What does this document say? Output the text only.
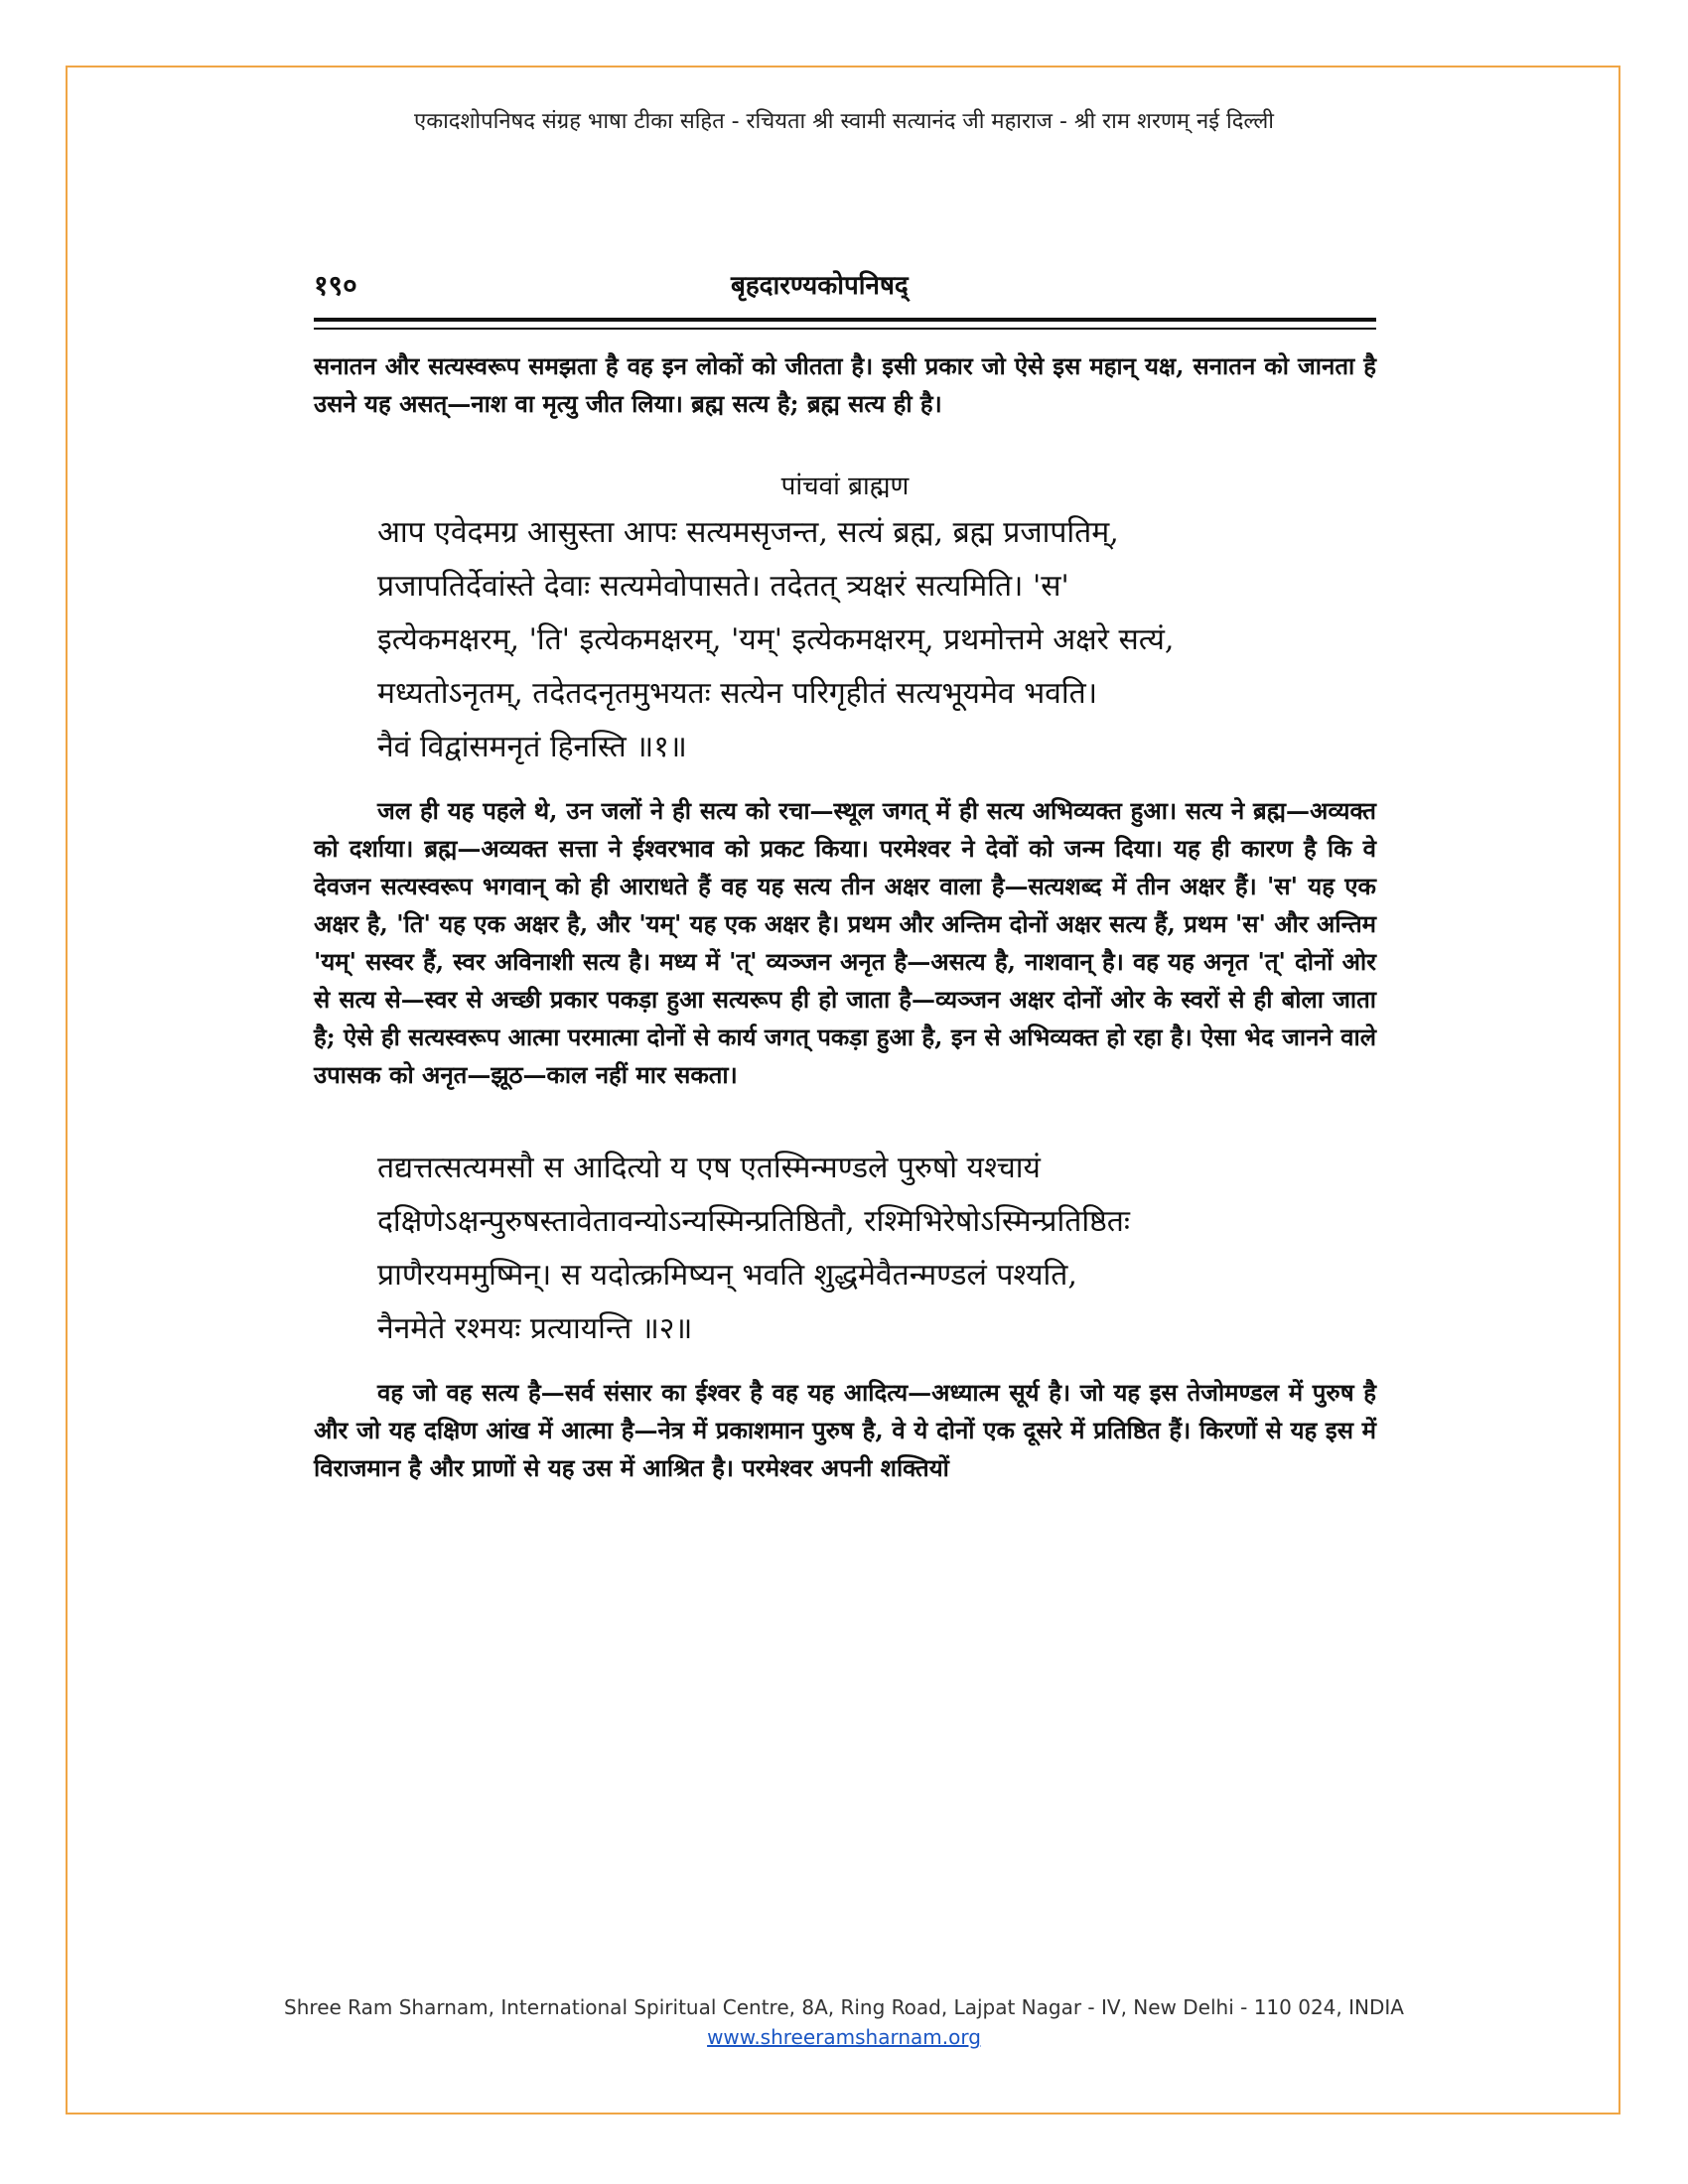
एकादशोपनिषद संग्रह भाषा टीका सहित - रचियता श्री स्वामी सत्यानंद जी महाराज - श्री राम शरणम् नई दिल्ली
१९०	बृहदारण्यकोपनिषद्

सनातन और सत्यस्वरूप समझता है वह इन लोकों को जीतता है। इसी प्रकार जो ऐसे इस महान् यक्ष, सनातन को जानता है उसने यह असत्—नाश वा मृत्यु जीत लिया। ब्रह्म सत्य है; ब्रह्म सत्य ही है।

पांचवां ब्राह्मण

आप एवेदमग्र आसुस्ता आपः सत्यमसृजन्त, सत्यं ब्रह्म, ब्रह्म प्रजापतिम्,
प्रजापतिर्देवांस्ते देवाः सत्यमेवोपासते। तदेतत् त्र्यक्षरं सत्यमिति। 'स'
इत्येकमक्षरम्, 'ति' इत्येकमक्षरम्, 'यम्' इत्येकमक्षरम्, प्रथमोत्तमे अक्षरे सत्यं,
मध्यतोऽनृतम्, तदेतदनृतमुभयतः सत्येन परिगृहीतं सत्यभूयमेव भवति।
नैवं विद्वांसमनृतं हिनस्ति ॥१॥

जल ही यह पहले थे, उन जलों ने ही सत्य को रचा—स्थूल जगत् में ही सत्य अभिव्यक्त हुआ। सत्य ने ब्रह्म—अव्यक्त को दर्शाया। ब्रह्म—अव्यक्त सत्ता ने ईश्वरभाव को प्रकट किया। परमेश्वर ने देवों को जन्म दिया। यह ही कारण है कि वे देवजन सत्यस्वरूप भगवान् को ही आराधते हैं वह यह सत्य तीन अक्षर वाला है—सत्यशब्द में तीन अक्षर हैं। 'स' यह एक अक्षर है, 'ति' यह एक अक्षर है, और 'यम्' यह एक अक्षर है। प्रथम और अन्तिम दोनों अक्षर सत्य हैं, प्रथम 'स' और अन्तिम 'यम्' सस्वर हैं, स्वर अविनाशी सत्य है। मध्य में 'त्' व्यञ्जन अनृत है—असत्य है, नाशवान् है। वह यह अनृत 'त्' दोनों ओर से सत्य से—स्वर से अच्छी प्रकार पकड़ा हुआ सत्यरूप ही हो जाता है—व्यञ्जन अक्षर दोनों ओर के स्वरों से ही बोला जाता है; ऐसे ही सत्यस्वरूप आत्मा परमात्मा दोनों से कार्य जगत् पकड़ा हुआ है, इन से अभिव्यक्त हो रहा है। ऐसा भेद जानने वाले उपासक को अनृत—झूठ—काल नहीं मार सकता।

तद्यत्तत्सत्यमसौ स आदित्यो य एष एतस्मिन्मण्डले पुरुषो यश्चायं
दक्षिणेऽक्षन्पुरुषस्तावेतावन्योऽन्यस्मिन्प्रतिष्ठितौ, रश्मिभिरेषोऽस्मिन्प्रतिष्ठितः
प्राणैरयममुष्मिन्। स यदोत्क्रमिष्यन् भवति शुद्धमेवैतन्मण्डलं पश्यति,
नैनमेते रश्मयः प्रत्यायन्ति ॥२॥

वह जो वह सत्य है—सर्व संसार का ईश्वर है वह यह आदित्य—अध्यात्म सूर्य है। जो यह इस तेजोमण्डल में पुरुष है और जो यह दक्षिण आंख में आत्मा है—नेत्र में प्रकाशमान पुरुष है, वे ये दोनों एक दूसरे में प्रतिष्ठित हैं। किरणों से यह इस में विराजमान है और प्राणों से यह उस में आश्रित है। परमेश्वर अपनी शक्तियों

Shree Ram Sharnam, International Spiritual Centre, 8A, Ring Road, Lajpat Nagar - IV, New Delhi - 110 024, INDIA
www.shreeramsharnam.org
